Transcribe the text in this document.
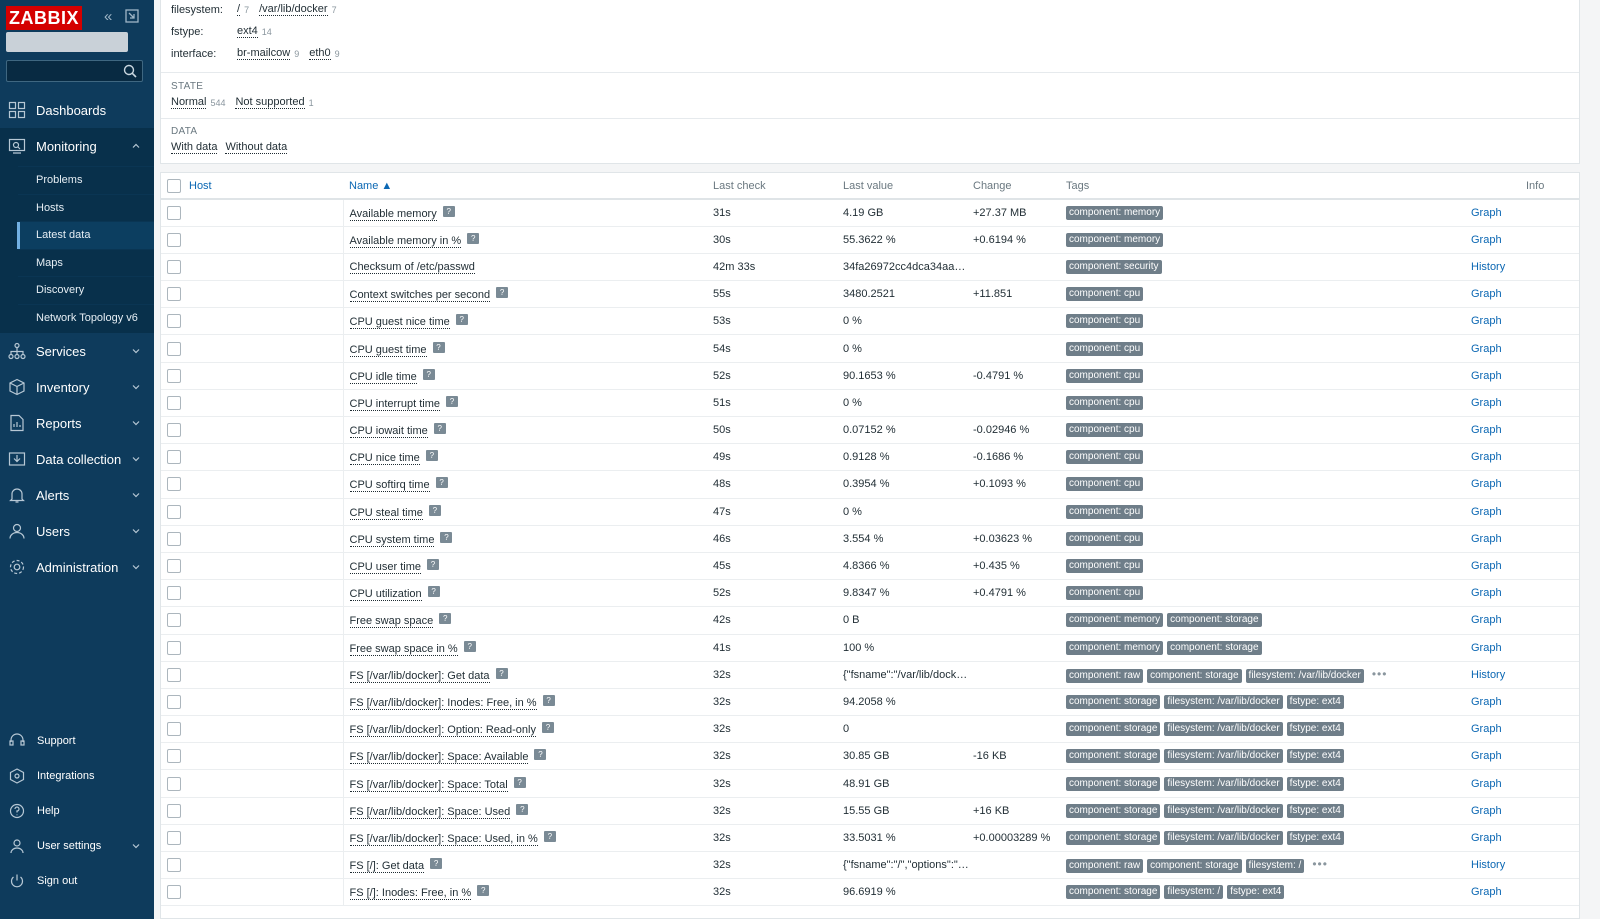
ZABBIX «
Dashboards
Monitoring
Problems
Hosts
Latest data
Maps
Discovery
Network Topology v6
Services
Inventory
Reports
Data collection
Alerts
Users
Administration
Support
Integrations
Help
User settings
Sign out
filesystem:	/ 7 /var/lib/docker 7
fstype:	ext4 14
interface:	br-mailcow 9 eth0 9
STATE
Normal 544 Not supported 1
DATA
With data Without data
	Host	Name ▲	Last check	Last value	Change	Tags		Info
		Available memory ?	31s	4.19 GB	+27.37 MB	component: memory	Graph	
		Available memory in % ?	30s	55.3622 %	+0.6194 %	component: memory	Graph	
		Checksum of /etc/passwd	42m 33s	34fa26972cc4dca34aa…		component: security	History	
		Context switches per second ?	55s	3480.2521	+11.851	component: cpu	Graph	
		CPU guest nice time ?	53s	0 %		component: cpu	Graph	
		CPU guest time ?	54s	0 %		component: cpu	Graph	
		CPU idle time ?	52s	90.1653 %	-0.4791 %	component: cpu	Graph	
		CPU interrupt time ?	51s	0 %		component: cpu	Graph	
		CPU iowait time ?	50s	0.07152 %	-0.02946 %	component: cpu	Graph	
		CPU nice time ?	49s	0.9128 %	-0.1686 %	component: cpu	Graph	
		CPU softirq time ?	48s	0.3954 %	+0.1093 %	component: cpu	Graph	
		CPU steal time ?	47s	0 %		component: cpu	Graph	
		CPU system time ?	46s	3.554 %	+0.03623 %	component: cpu	Graph	
		CPU user time ?	45s	4.8366 %	+0.435 %	component: cpu	Graph	
		CPU utilization ?	52s	9.8347 %	+0.4791 %	component: cpu	Graph	
		Free swap space ?	42s	0 B		component: memory component: storage	Graph	
		Free swap space in % ?	41s	100 %		component: memory component: storage	Graph	
		FS [/var/lib/docker]: Get data ?	32s	{"fsname":"/var/lib/dock…		component: raw component: storage filesystem: /var/lib/docker •••	History	
		FS [/var/lib/docker]: Inodes: Free, in % ?	32s	94.2058 %		component: storage filesystem: /var/lib/docker fstype: ext4	Graph	
		FS [/var/lib/docker]: Option: Read-only ?	32s	0		component: storage filesystem: /var/lib/docker fstype: ext4	Graph	
		FS [/var/lib/docker]: Space: Available ?	32s	30.85 GB	-16 KB	component: storage filesystem: /var/lib/docker fstype: ext4	Graph	
		FS [/var/lib/docker]: Space: Total ?	32s	48.91 GB		component: storage filesystem: /var/lib/docker fstype: ext4	Graph	
		FS [/var/lib/docker]: Space: Used ?	32s	15.55 GB	+16 KB	component: storage filesystem: /var/lib/docker fstype: ext4	Graph	
		FS [/var/lib/docker]: Space: Used, in % ?	32s	33.5031 %	+0.00003289 %	component: storage filesystem: /var/lib/docker fstype: ext4	Graph	
		FS [/]: Get data ?	32s	{"fsname":"/","options":"…		component: raw component: storage filesystem: / •••	History	
		FS [/]: Inodes: Free, in % ?	32s	96.6919 %		component: storage filesystem: / fstype: ext4	Graph	
